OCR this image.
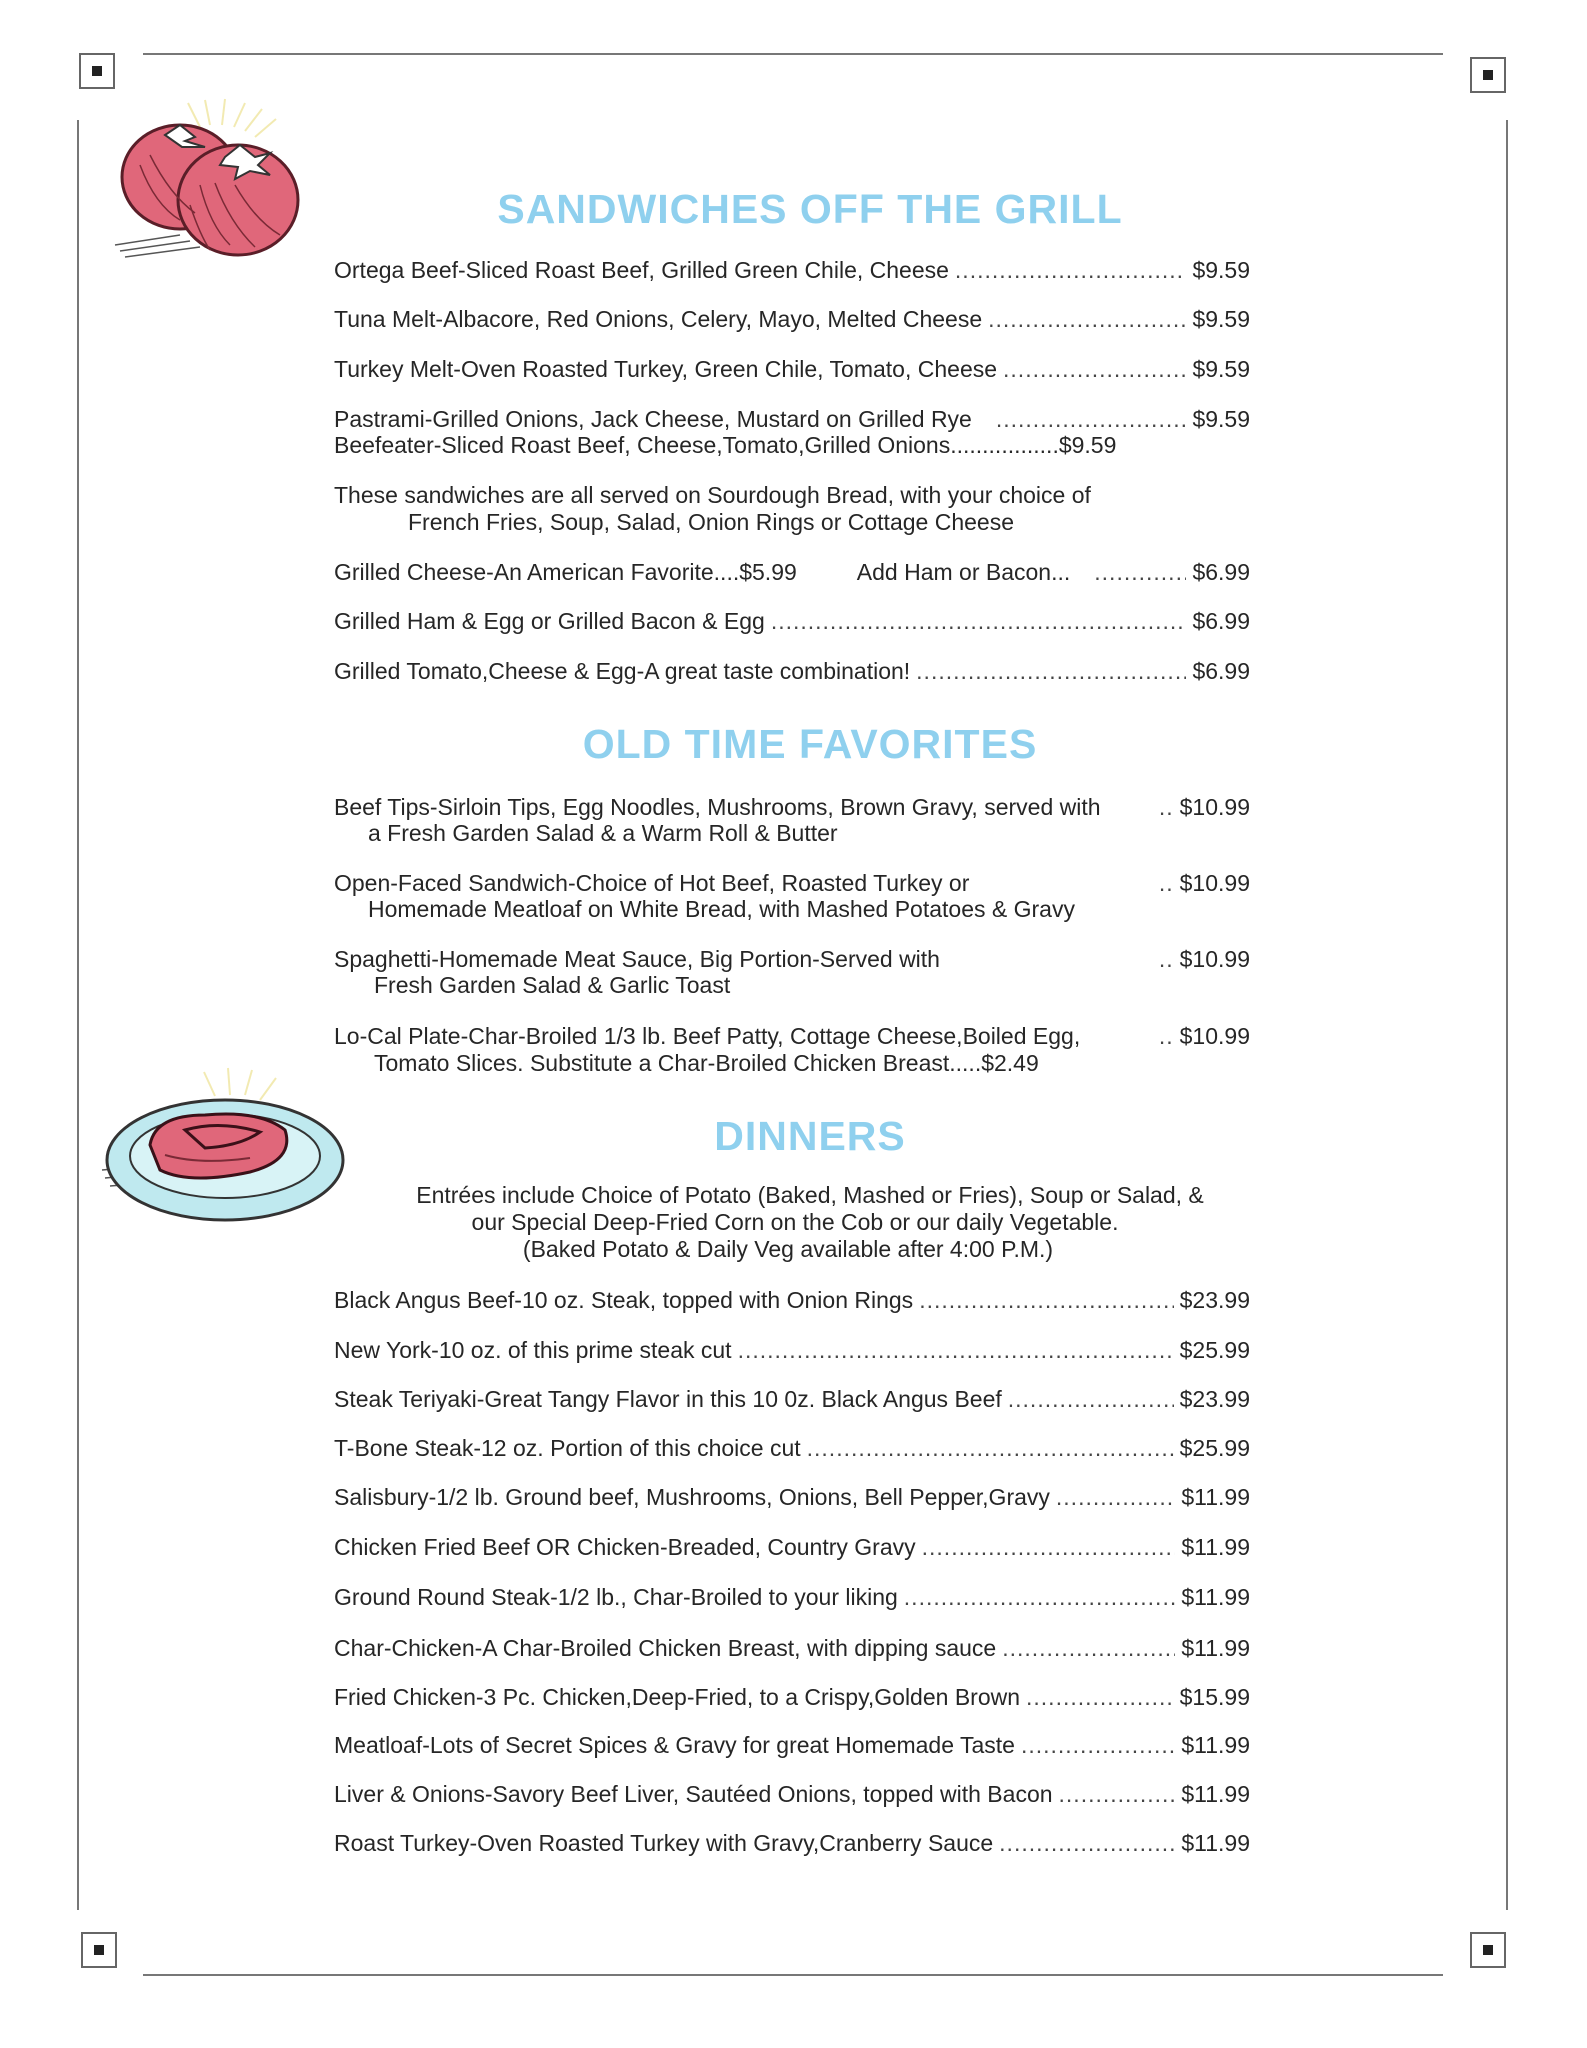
SANDWICHES OFF THE GRILL
Ortega Beef-Sliced Roast Beef, Grilled Green Chile, Cheese .....	$9.59
Tuna Melt-Albacore, Red Onions, Celery, Mayo, Melted Cheese .....	$9.59
Turkey Melt-Oven Roasted Turkey, Green Chile, Tomato, Cheese .....	$9.59
Pastrami-Grilled Onions, Jack Cheese, Mustard on Grilled Rye .....	$9.59
Beefeater-Sliced Roast Beef, Cheese,Tomato,Grilled Onions.................$9.59
These sandwiches are all served on Sourdough Bread, with your choice of
French Fries, Soup, Salad, Onion Rings or Cottage Cheese
Grilled Cheese-An American Favorite....$5.99	Add Ham or Bacon... .....	$6.99
Grilled Ham & Egg or Grilled Bacon & Egg .....	$6.99
Grilled Tomato,Cheese & Egg-A great taste combination! .....	$6.99
OLD TIME FAVORITES
Beef Tips-Sirloin Tips, Egg Noodles, Mushrooms, Brown Gravy, served with	.. $10.99
a Fresh Garden Salad & a Warm Roll & Butter
Open-Faced Sandwich-Choice of Hot Beef, Roasted Turkey or	.. $10.99
Homemade Meatloaf on White Bread, with Mashed Potatoes & Gravy
Spaghetti-Homemade Meat Sauce, Big Portion-Served with	.. $10.99
Fresh Garden Salad & Garlic Toast
Lo-Cal Plate-Char-Broiled 1/3 lb. Beef Patty, Cottage Cheese,Boiled Egg,	.. $10.99
Tomato Slices. Substitute a Char-Broiled Chicken Breast.....$2.49
DINNERS
Entrées include Choice of Potato (Baked, Mashed or Fries), Soup or Salad, &
our Special Deep-Fried Corn on the Cob or our daily Vegetable.
(Baked Potato & Daily Veg available after 4:00 P.M.)
Black Angus Beef-10 oz. Steak, topped with Onion Rings .....	$23.99
New York-10 oz. of this prime steak cut .....	$25.99
Steak Teriyaki-Great Tangy Flavor in this 10 0z. Black Angus Beef .....	$23.99
T-Bone Steak-12 oz. Portion of this choice cut .....	$25.99
Salisbury-1/2 lb. Ground beef, Mushrooms, Onions, Bell Pepper,Gravy .....	$11.99
Chicken Fried Beef OR Chicken-Breaded, Country Gravy .....	$11.99
Ground Round Steak-1/2 lb., Char-Broiled to your liking .....	$11.99
Char-Chicken-A Char-Broiled Chicken Breast, with dipping sauce .....	$11.99
Fried Chicken-3 Pc. Chicken,Deep-Fried, to a Crispy,Golden Brown .....	$15.99
Meatloaf-Lots of Secret Spices & Gravy for great Homemade Taste .....	$11.99
Liver & Onions-Savory Beef Liver, Sautéed Onions, topped with Bacon .....	$11.99
Roast Turkey-Oven Roasted Turkey with Gravy,Cranberry Sauce .....	$11.99
